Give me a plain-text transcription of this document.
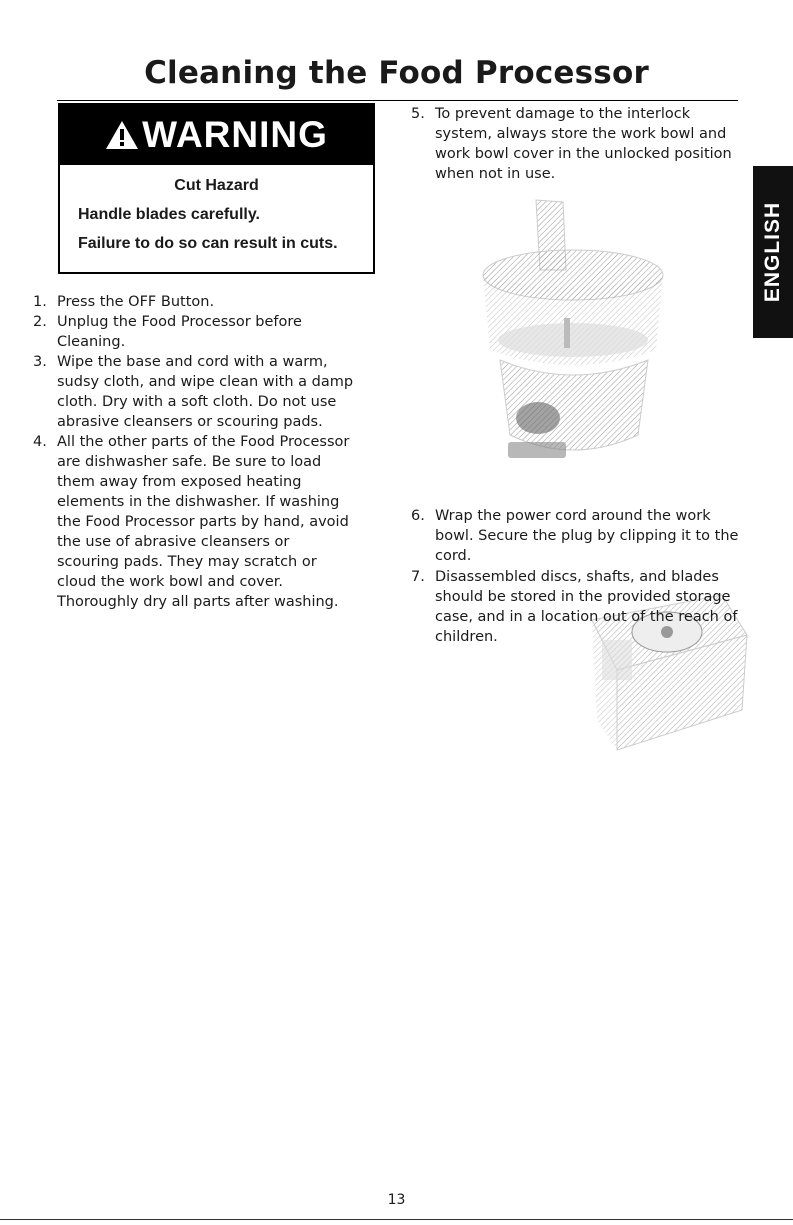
Cleaning the Food Processor
ENGLISH
WARNING
Cut Hazard
Handle blades carefully.
Failure to do so can result in cuts.
1. Press the OFF Button.
2. Unplug the Food Processor before Cleaning.
3. Wipe the base and cord with a warm, sudsy cloth, and wipe clean with a damp cloth. Dry with a soft cloth. Do not use abrasive cleansers or scouring pads.
4. All the other parts of the Food Processor are dishwasher safe. Be sure to load them away from exposed heating elements in the dishwasher. If washing the Food Processor parts by hand, avoid the use of abrasive cleansers or scouring pads. They may scratch or cloud the work bowl and cover. Thoroughly dry all parts after washing.
5. To prevent damage to the interlock system, always store the work bowl and work bowl cover in the unlocked position when not in use.
6. Wrap the power cord around the work bowl. Secure the plug by clipping it to the cord.
7. Disassembled discs, shafts, and blades should be stored in the provided storage case, and in a location out of the reach of children.
13
